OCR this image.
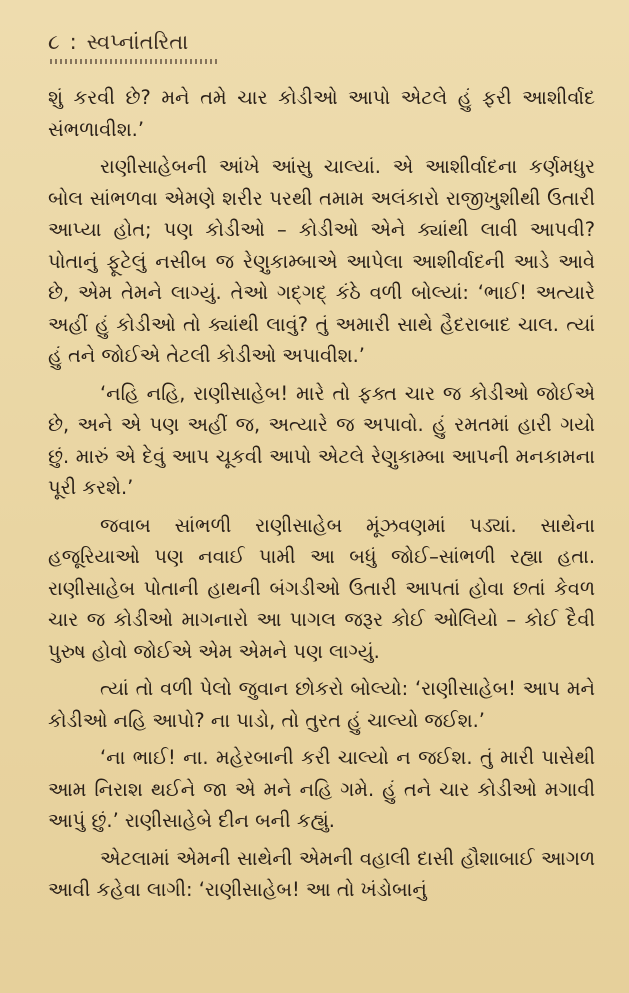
૮ : સ્વપ્નાંતરિતા

શું કરવી છે? મને તમે ચાર કોડીઓ આપો એટલે હું ફરી આશીર્વાદ સંભળાવીશ.’

રાણીસાહેબની આંખે આંસુ ચાલ્યાં. એ આશીર્વાદના કર્ણમધુર બોલ સાંભળવા એમણે શરીર પરથી તમામ અલંકારો રાજીખુશીથી ઉતારી આપ્યા હોત; પણ કોડીઓ – કોડીઓ એને ક્યાંથી લાવી આપવી? પોતાનું ફૂટેલું નસીબ જ રેણુકામ્બાએ આપેલા આશીર્વાદની આડે આવે છે, એમ તેમને લાગ્યું. તેઓ ગદ્‌ગદ્ કંઠે વળી બોલ્યાં: ‘ભાઈ! અત્યારે અહીં હું કોડીઓ તો ક્યાંથી લાવું? તું અમારી સાથે હૈદરાબાદ ચાલ. ત્યાં હું તને જોઈએ તેટલી કોડીઓ અપાવીશ.’

‘નહિ નહિ, રાણીસાહેબ! મારે તો ફક્ત ચાર જ કોડીઓ જોઈએ છે, અને એ પણ અહીં જ, અત્યારે જ અપાવો. હું રમતમાં હારી ગયો છું. મારું એ દેવું આપ ચૂકવી આપો એટલે રેણુકામ્બા આપની મનકામના પૂરી કરશે.’

જવાબ સાંભળી રાણીસાહેબ મૂંઝવણમાં પડ્યાં. સાથેના હજૂરિયાઓ પણ નવાઈ પામી આ બધું જોઈ–સાંભળી રહ્યા હતા. રાણીસાહેબ પોતાની હાથની બંગડીઓ ઉતારી આપતાં હોવા છતાં કેવળ ચાર જ કોડીઓ માગનારો આ પાગલ જરૂર કોઈ ઓલિયો – કોઈ દૈવી પુરુષ હોવો જોઈએ એમ એમને પણ લાગ્યું.

ત્યાં તો વળી પેલો જુવાન છોકરો બોલ્યો: ‘રાણીસાહેબ! આપ મને કોડીઓ નહિ આપો? ના પાડો, તો તુરત હું ચાલ્યો જઈશ.’

‘ના ભાઈ! ના. મહેરબાની કરી ચાલ્યો ન જઈશ. તું મારી પાસેથી આમ નિરાશ થઈને જા એ મને નહિ ગમે. હું તને ચાર કોડીઓ મગાવી આપું છું.’ રાણીસાહેબે દીન બની કહ્યું.

એટલામાં એમની સાથેની એમની વહાલી દાસી હૌશાબાઈ આગળ આવી કહેવા લાગી: ‘રાણીસાહેબ! આ તો ખંડોબાનું
